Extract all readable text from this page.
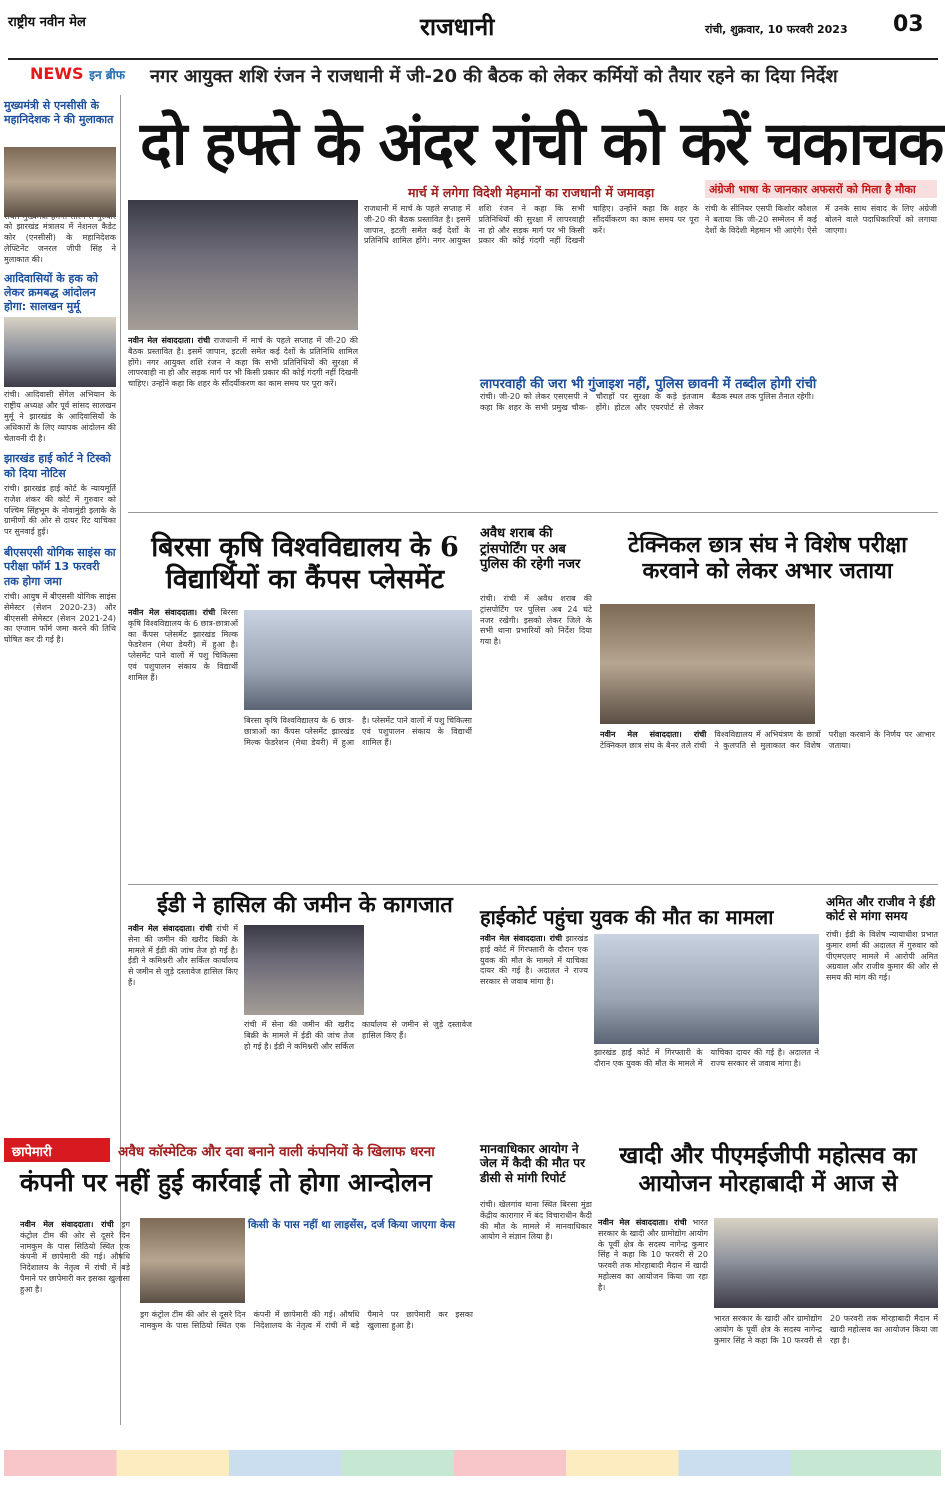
राष्ट्रीय नवीन मेल	राजधानी	रांची, शुक्रवार, 10 फरवरी 2023 03
NEWS इन ब्रीफ नगर आयुक्त शशि रंजन ने राजधानी में जी-20 की बैठक को लेकर कर्मियों को तैयार रहने का दिया निर्देश
मुख्यमंत्री से एनसीसी के महानिदेशक ने की मुलाकात
को झारखंड मंत्रालय में नेशनल कैडेट कोर (एनसीसी) के महानिदेशक लेफ्टिनेंट जनरल जीपी सिंह ने मुलाकात की।
आदिवासियों के हक को लेकर क्रमबद्ध आंदोलन होगा: सालखन मुर्मू
रांची। आदिवासी सेंगेल अभियान के राष्ट्रीय अध्यक्ष और पूर्व सांसद सालखन मुर्मू ने झारखंड के आदिवासियों के अधिकारों के लिए व्यापक आंदोलन की चेतावनी दी है।
झारखंड हाई कोर्ट ने टिस्को को दिया नोटिस
रांची। झारखंड हाई कोर्ट के न्यायमूर्ति राजेश शंकर की कोर्ट में गुरुवार को पश्चिम सिंहभूम के नोवामुंडी इलाके के ग्रामीणों की ओर से दायर रिट याचिका पर सुनवाई हुई।
बीएसएसी योगिक साइंस का परीक्षा फॉर्म 13 फरवरी तक होगा जमा
रांची। आयुष में बीएससी योगिक साइंस सेमेस्टर (सेशन 2020-23) और बीएससी सेमेस्टर (सेशन 2021-24) का एग्जाम फॉर्म जमा करने की तिथि घोषित कर दी गई है।
दो हफ्ते के अंदर रांची को करें चकाचक
मार्च में लगेगा विदेशी मेहमानों का राजधानी में जमावड़ा	अंग्रेजी भाषा के जानकार अफसरों को मिला है मौका
नवीन मेल संवाददाता। रांची राजधानी में मार्च के पहले सप्ताह में जी-20 की बैठक प्रस्तावित है। इसमें जापान, इटली समेत कई देशों के प्रतिनिधि शामिल होंगे। नगर आयुक्त शशि रंजन ने कहा कि सभी प्रतिनिधियों की सुरक्षा में लापरवाही ना हो और सड़क मार्ग पर भी किसी प्रकार की कोई गंदगी नहीं दिखनी चाहिए। उन्होंने कहा कि शहर के सौंदर्यीकरण का काम समय पर पूरा करें।
राजधानी में मार्च के पहले सप्ताह में जी-20 की बैठक प्रस्तावित है। इसमें जापान, इटली समेत कई देशों के प्रतिनिधि शामिल होंगे। नगर आयुक्त शशि रंजन ने कहा कि सभी प्रतिनिधियों की सुरक्षा में लापरवाही ना हो और सड़क मार्ग पर भी किसी प्रकार की कोई गंदगी नहीं दिखनी चाहिए। उन्होंने कहा कि शहर के सौंदर्यीकरण का काम समय पर पूरा करें।
रांची के सीनियर एसपी किशोर कौशल ने बताया कि जी-20 सम्मेलन में कई देशों के विदेशी मेहमान भी आएंगे। ऐसे में उनके साथ संवाद के लिए अंग्रेजी बोलने वाले पदाधिकारियों को लगाया जाएगा।
लापरवाही की जरा भी गुंजाइश नहीं, पुलिस छावनी में तब्दील होगी रांची
रांची। जी-20 को लेकर एसएसपी ने कहा कि शहर के सभी प्रमुख चौक-चौराहों पर सुरक्षा के कड़े इंतजाम होंगे। होटल और एयरपोर्ट से लेकर बैठक स्थल तक पुलिस तैनात रहेगी।
बिरसा कृषि विश्वविद्यालय के 6 विद्यार्थियों का कैंपस प्लेसमेंट
नवीन मेल संवाददाता। रांची बिरसा कृषि विश्वविद्यालय के 6 छात्र-छात्राओं का कैंपस प्लेसमेंट झारखंड मिल्क फेडरेशन (मेधा डेयरी) में हुआ है। प्लेसमेंट पाने वालों में पशु चिकित्सा एवं पशुपालन संकाय के विद्यार्थी शामिल हैं।
बिरसा कृषि विश्वविद्यालय के 6 छात्र-छात्राओं का कैंपस प्लेसमेंट झारखंड मिल्क फेडरेशन (मेधा डेयरी) में हुआ है। प्लेसमेंट पाने वालों में पशु चिकित्सा एवं पशुपालन संकाय के विद्यार्थी शामिल हैं।
अवैध शराब की ट्रांसपोर्टिंग पर अब पुलिस की रहेगी नजर
रांची। रांची में अवैध शराब की ट्रांसपोर्टिंग पर पुलिस अब 24 घंटे नजर रखेगी। इसको लेकर जिले के सभी थाना प्रभारियों को निर्देश दिया गया है।
टेक्निकल छात्र संघ ने विशेष परीक्षा करवाने को लेकर अभार जताया
नवीन मेल संवाददाता। रांची टेक्निकल छात्र संघ के बैनर तले रांची विश्वविद्यालय में अभियंत्रण के छात्रों ने कुलपति से मुलाकात कर विशेष परीक्षा करवाने के निर्णय पर आभार जताया।
ईडी ने हासिल की जमीन के कागजात
नवीन मेल संवाददाता। रांची रांची में सेना की जमीन की खरीद बिक्री के मामले में ईडी की जांच तेज हो गई है। ईडी ने कमिश्नरी और सर्किल कार्यालय से जमीन से जुड़े दस्तावेज हासिल किए हैं।
रांची में सेना की जमीन की खरीद बिक्री के मामले में ईडी की जांच तेज हो गई है। ईडी ने कमिश्नरी और सर्किल कार्यालय से जमीन से जुड़े दस्तावेज हासिल किए हैं।
हाईकोर्ट पहुंचा युवक की मौत का मामला
नवीन मेल संवाददाता। रांची झारखंड हाई कोर्ट में गिरफ्तारी के दौरान एक युवक की मौत के मामले में याचिका दायर की गई है। अदालत ने राज्य सरकार से जवाब मांगा है।
झारखंड हाई कोर्ट में गिरफ्तारी के दौरान एक युवक की मौत के मामले में याचिका दायर की गई है। अदालत ने राज्य सरकार से जवाब मांगा है।
अमित और राजीव ने ईडी कोर्ट से मांगा समय
रांची। ईडी के विशेष न्यायाधीश प्रभात कुमार शर्मा की अदालत में गुरुवार को पीएमएलए मामले में आरोपी अमित अग्रवाल और राजीव कुमार की ओर से समय की मांग की गई।
छापेमारी	अवैध कॉस्मेटिक और दवा बनाने वाली कंपनियों के खिलाफ धरना
कंपनी पर नहीं हुई कार्रवाई तो होगा आन्दोलन
नवीन मेल संवाददाता। रांची ड्रग कंट्रोल टीम की ओर से दूसरे दिन नामकुम के पास सिठियो स्थित एक कंपनी में छापेमारी की गई। औषधि निदेशालय के नेतृत्व में रांची में बड़े पैमाने पर छापेमारी कर इसका खुलासा हुआ है।
किसी के पास नहीं था लाइसेंस, दर्ज किया जाएगा केस
ड्रग कंट्रोल टीम की ओर से दूसरे दिन नामकुम के पास सिठियो स्थित एक कंपनी में छापेमारी की गई। औषधि निदेशालय के नेतृत्व में रांची में बड़े पैमाने पर छापेमारी कर इसका खुलासा हुआ है।
मानवाधिकार आयोग ने जेल में कैदी की मौत पर डीसी से मांगी रिपोर्ट
रांची। खेलगांव थाना स्थित बिरसा मुंडा केंद्रीय कारागार में बंद विचाराधीन कैदी की मौत के मामले में मानवाधिकार आयोग ने संज्ञान लिया है।
खादी और पीएमईजीपी महोत्सव का आयोजन मोरहाबादी में आज से
नवीन मेल संवाददाता। रांची भारत सरकार के खादी और ग्रामोद्योग आयोग के पूर्वी क्षेत्र के सदस्य नागेन्द्र कुमार सिंह ने कहा कि 10 फरवरी से 20 फरवरी तक मोरहाबादी मैदान में खादी महोत्सव का आयोजन किया जा रहा है।
भारत सरकार के खादी और ग्रामोद्योग आयोग के पूर्वी क्षेत्र के सदस्य नागेन्द्र कुमार सिंह ने कहा कि 10 फरवरी से 20 फरवरी तक मोरहाबादी मैदान में खादी महोत्सव का आयोजन किया जा रहा है।
